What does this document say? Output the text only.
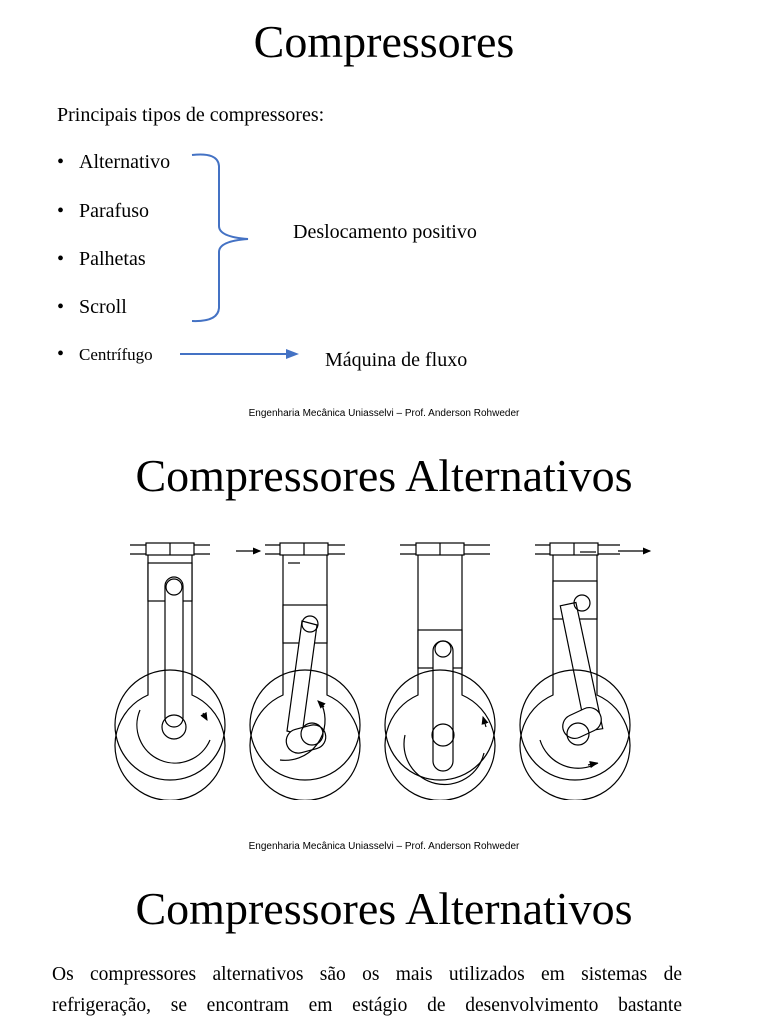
Compressores
Principais tipos de compressores:
• Alternativo
• Parafuso
• Palhetas
• Scroll
• Centrífugo
Deslocamento positivo
Máquina de fluxo
Engenharia Mecânica Uniasselvi – Prof. Anderson Rohweder
Compressores Alternativos
Engenharia Mecânica Uniasselvi – Prof. Anderson Rohweder
Compressores Alternativos
Os compressores alternativos são os mais utilizados em sistemas de
refrigeração, se encontram em estágio de desenvolvimento bastante
